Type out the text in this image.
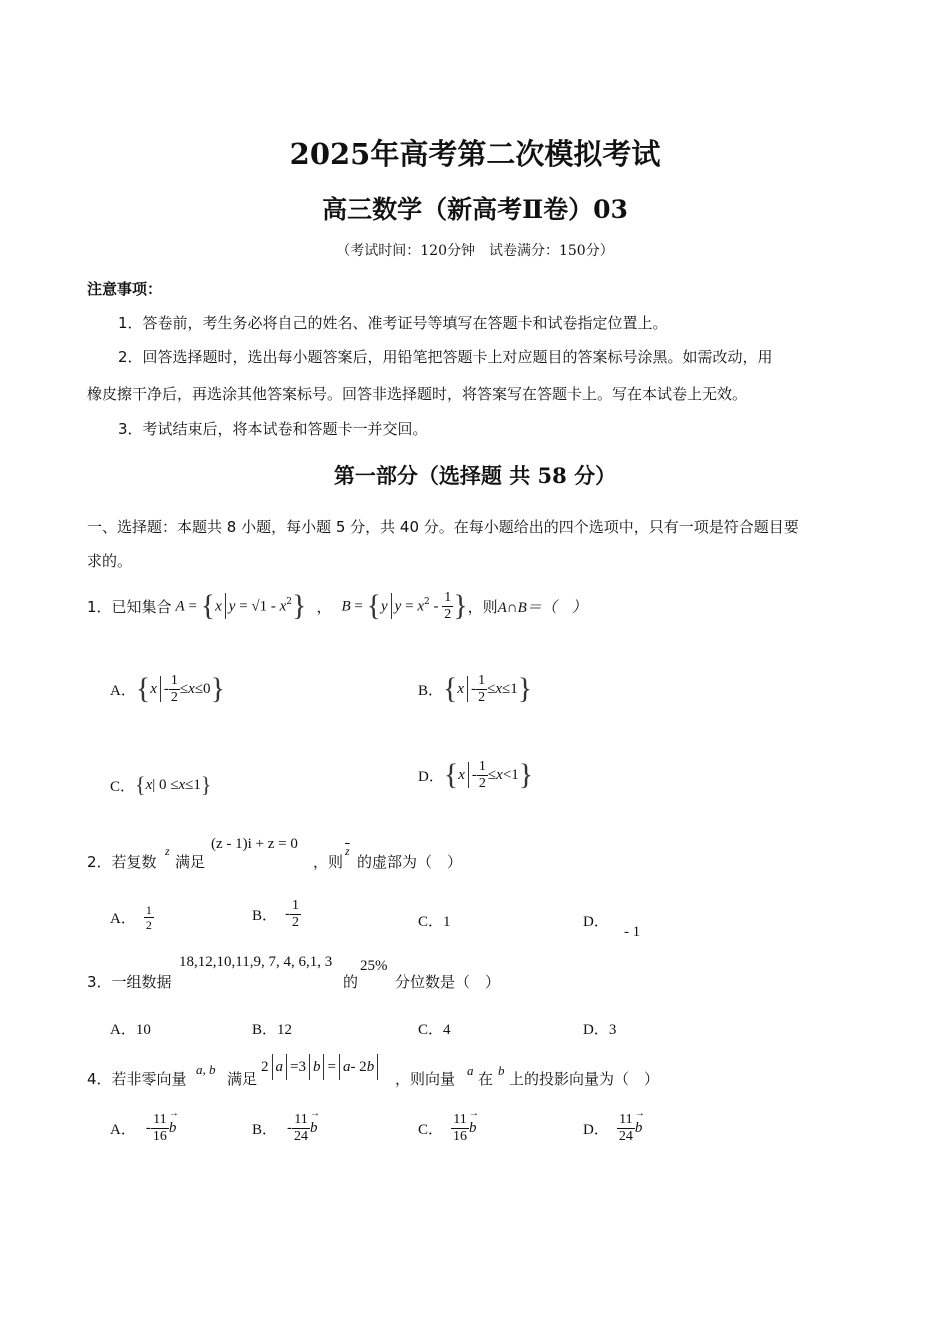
2025年高考第二次模拟考试
高三数学（新高考Ⅱ卷）03
（考试时间：120分钟　试卷满分：150分）
注意事项：
1．答卷前，考生务必将自己的姓名、准考证号等填写在答题卡和试卷指定位置上。
2．回答选择题时，选出每小题答案后，用铅笔把答题卡上对应题目的答案标号涂黑。如需改动，用
橡皮擦干净后，再选涂其他答案标号。回答非选择题时，将答案写在答题卡上。写在本试卷上无效。
3．考试结束后，将本试卷和答题卡一并交回。
第一部分（选择题 共 58 分）
一、选择题：本题共 8 小题，每小题 5 分，共 40 分。在每小题给出的四个选项中，只有一项是符合题目要
求的。
1．已知集合 A = {x $y = √1 - x^2$} ， B = {y $y = x^2 - \frac{1}{2}$ } ，则 A∩B＝（　）
A． { $x - \frac{1}{2} \le x \le 0$ }	B． { $x - \frac{1}{2} \le x \le 1$ }
C． { x | 0 ≤ x ≤1 }	D． { $x - \frac{1}{2} \le x <1$ }
2．若复数
z
满足
(z - 1)i + z = 0
，则
$\overline{z}$
的虚部为（　）
A． $\frac{1}{2}$	B． - $\frac{1}{2}$	C．1	D． - 1
3．一组数据
18,12,10,11,9, 7, 4, 6,1, 3
的
25%
分位数是（　）
A．10	B．12	C．4	D．3
4．若非零向量
a, b
满足
2 a =3 b = a - 2 b
，则向量 a 在 b 上的投影向量为（　）
A． - $\frac{11}{16} \to b$	B． - $\frac{11}{24} \to b$	C． $\frac{11}{16} \to b$	D． $\frac{11}{24} \to b$
